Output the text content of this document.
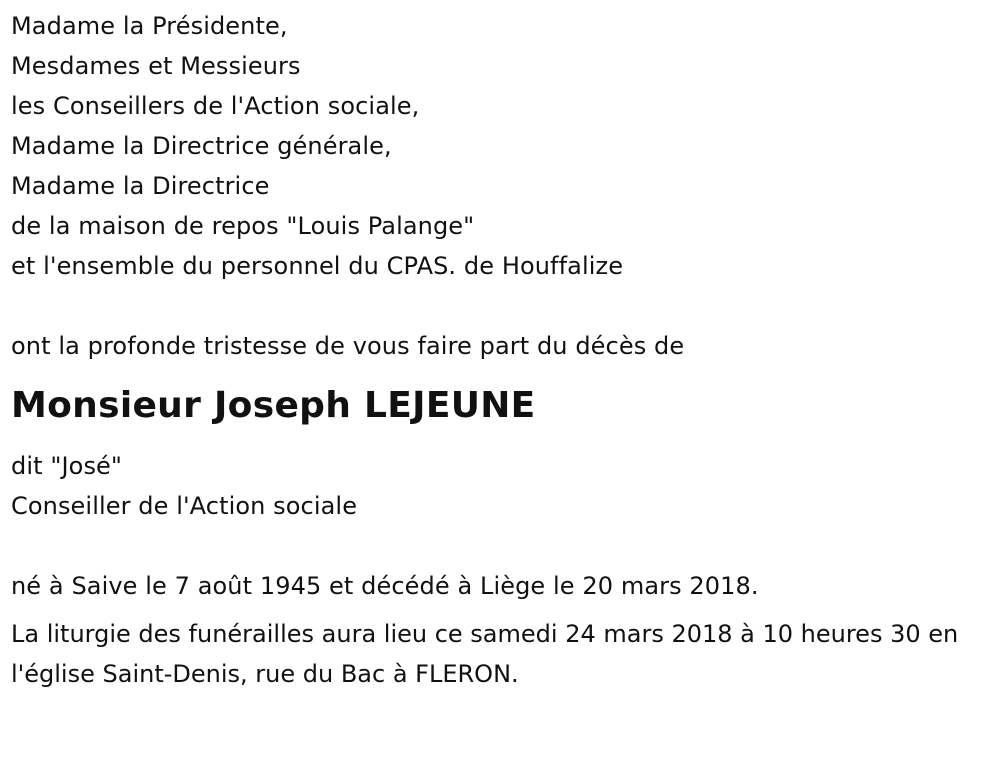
Madame la Présidente,
Mesdames et Messieurs
les Conseillers de l'Action sociale,
Madame la Directrice générale,
Madame la Directrice
de la maison de repos "Louis Palange"
et l'ensemble du personnel du CPAS. de Houffalize
ont la profonde tristesse de vous faire part du décès de
Monsieur Joseph LEJEUNE
dit "José"
Conseiller de l'Action sociale
né à Saive le 7 août 1945 et décédé à Liège le 20 mars 2018.
La liturgie des funérailles aura lieu ce samedi 24 mars 2018 à 10 heures 30 en l'église Saint-Denis, rue du Bac à FLERON.
